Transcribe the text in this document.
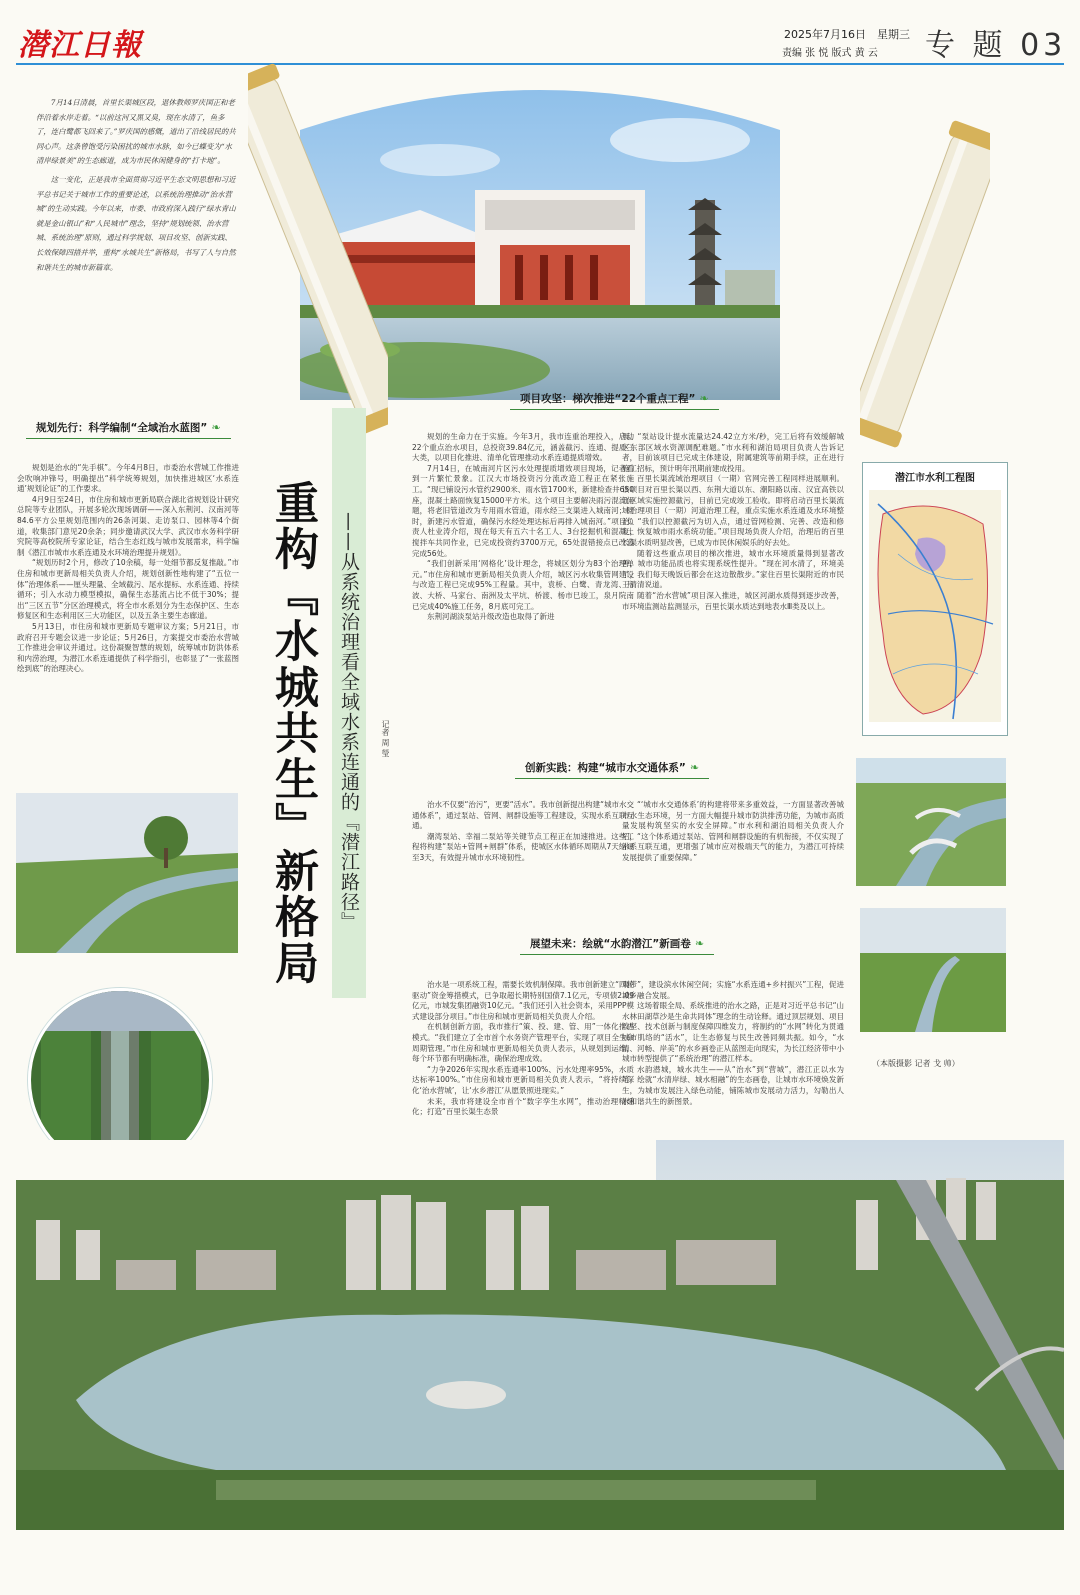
潜江日報	2025年7月16日　星期三
责编 张 悦 版式 黄 云 专 题 03
7月14日清晨，首里长渠城区段，退休教师罗庆国正和老伴沿着水岸走着。“以前这河又黑又臭，现在水清了，鱼多了，连白鹭都飞回来了。”罗庆国的感慨，道出了沿线居民的共同心声。这条曾饱受污染困扰的城市水脉，如今已蝶变为“水清岸绿景美”的生态廊道，成为市民休闲健身的“打卡地”。
这一变化，正是我市全面贯彻习近平生态文明思想和习近平总书记关于城市工作的重要论述，以系统治理推动“治水营城”的生动实践。今年以来，市委、市政府深入践行“绿水青山就是金山银山”和“人民城市”理念，坚持“规划统领、治水营城、系统治理”原则，通过科学规划、项目攻坚、创新实践、长效保障四措并举，重构“水城共生”新格局，书写了人与自然和谐共生的城市新篇章。
规划先行：科学编制“全域治水蓝图” ❧

规划是治水的“先手棋”。今年4月8日，市委治水营城工作推进会吹响冲锋号，明确提出“科学统筹规划，加快推进城区‘水系连通’规划论证”的工作要求。

4月9日至24日，市住房和城市更新局联合湖北省规划设计研究总院等专业团队，开展多轮次现场调研——深入东荆河、汉南河等84.6平方公里规划范围内的26条河渠、走访泵口、园林等4个街道，收集部门意见20余条；同步邀请武汉大学、武汉市水务科学研究院等高校院所专家论证，结合生态红线与城市发展需求，科学编制《潜江市城市水系连通及水环境治理提升规划》。

“规划历时2个月，修改了10余稿，每一处细节都反复推敲。”市住房和城市更新局相关负责人介绍，规划创新性地构建了“五位一体”治理体系——厘头理量、全域截污、尾水提标、水系连通、持续循环；引入水动力模型模拟，确保生态基流占比不低于30%；提出“三区五节”分区治理模式，将全市水系划分为生态保护区、生态修复区和生态利用区三大功能区，以及五条主要生态廊道。

5月13日，市住房和城市更新局专题审议方案；5月21日，市政府召开专题会议进一步论证；5月26日，方案提交市委治水营城工作推进会审议并通过。这份凝聚智慧的规划，统筹城市防洪体系和内涝治理，为潜江水系连通提供了科学指引，也彰显了“一张蓝图绘到底”的治理决心。	重构『水城共生』新格局 ——从系统治理看全域水系连通的『潜江路径』	记者 周 瑩
项目攻坚：梯次推进“22个重点工程” ❧

规划的生命力在于实施。今年3月，我市连重治理投入，启动22个重点治水项目，总投资39.84亿元，涵盖截污、连通、提质三大类，以项目化推进、清单化管理推动水系连通提质增效。

7月14日，在城南河片区污水处理提质增效项目现场，记者看到一片繁忙景象。江汉大市场投资污分流改造工程正在紧张施工。“现已铺设污水管约2900米、雨水管1700米，新建检查井650座，混凝土路面恢复15000平方米。这个项目主要解决雨污混流问题，将老旧管道改为专用雨水管道，雨水经三支渠进入城南河；同时，新建污水管道，确保污水经处理达标后再排入城南河。”项目负责人杜业涛介绍，现在每天有五六十名工人、3台挖掘机和混凝土搅拌车共同作业，已完成投资约3700万元，65处混错接点已改造完成56处。

“我们创新采用‘网格化’设计理念，将城区划分为83个治理单元。”市住房和城市更新局相关负责人介绍，城区污水收集管网建设与改造工程已完成95%工程量。其中，袁桥、白鹭、青龙湾、月波、大桥、马家台、南洲及太平坑、桥渡、杨市巳竣工，泉月院南已完成40%施工任务，8月底可完工。

东荆河湖淡泵站升级改造也取得了新进

展。“泵站设计提水流量达24.42立方米/秒，完工后将有效缓解城区东部区域水资源调配难题。”市水利和湖泊局项目负责人告诉记者，目前该项目已完成主体建设，附属建筑等前期手续，正在进行施工招标，预计明年汛期前建成投用。

百里长渠流域治理项目（一期）官网完善工程同样进展顺利。该项目对百里长渠以西、东荆大道以东、潮阳路以南、汉宜高铁以北区域实施控源截污，目前已完成竣工验收。即将启动百里长渠流域治理项目（一期）河道治理工程，重点实施水系连通及水环境整治。“我们以控源截污为切入点，通过管网检测、完善、改造和修复，恢复城市雨水系统功能。”项目现场负责人介绍，治理后的百里长渠水质明显改善，已成为市民休闲娱乐的好去处。

随着这些重点项目的梯次推进，城市水环境质量得到显著改善，城市功能品质也将实现系统性提升。“现在河水清了，环境美了，我们每天晚饭后都会在这边散散步。”家住百里长渠附近的市民王清清说道。

随着“治水营城”项目深入推进，城区河湖水质得到逐步改善，市环境监测站监测显示，百里长渠水质达到地表水Ⅲ类及以上。

潜江市水利工程图
创新实践：构建“城市水交通体系” ❧

治水不仅要“治污”，更要“活水”。我市创新提出构建“城市水交通体系”，通过泵站、管网、闸群设施等工程建设，实现水系互联互通。

潮湾泵站、幸福二泵站等关键节点工程正在加速推进。这些工程将构建“泵站+管网+闸群”体系，使城区水体循环周期从7天缩短至3天，有效提升城市水环境韧性。

“‘城市水交通体系’的构建将带来多重效益，一方面显著改善城市水生态环境，另一方面大幅提升城市防洪排涝功能，为城市高质量发展构筑坚实的水安全屏障。”市水利和湖泊局相关负责人介绍，“这个体系通过泵站、管网和闸群设施的有机衔接，不仅实现了水系互联互通，更增强了城市应对极端天气的能力，为潜江可持续发展提供了重要保障。”

（本版摄影 记者 戈 帅）
展望未来：绘就“水韵潜江”新画卷 ❧

治水是一项系统工程，需要长效机制保障。我市创新建立“四轮驱动”资金筹措模式，已争取超长期特别国债7.1亿元，专项债2.09亿元，市城发集团融资10亿元。“我们还引入社会资本，采用PPP模式建设部分项目。”市住房和城市更新局相关负责人介绍。

在机制创新方面，我市推行“策、投、建、管、用”一体化推进模式。“我们建立了全市首个水务资产管理平台，实现了项目全生命周期管理。”市住房和城市更新局相关负责人表示，从规划到运维，每个环节都有明确标准，确保治理成效。

“力争2026年实现水系连通率100%、污水处理率95%，水质达标率100%。”市住房和城市更新局相关负责人表示，“将持续深化‘治水营城’，让‘水乡潜江’从愿景照进现实。”

未来，我市将建设全市首个“数字孪生水网”，推动治理精细化；打造“百里长渠生态景

观带”，建设滨水休闲空间；实施“水系连通+乡村振兴”工程，促进城乡融合发展。

这场着眼全局、系统推进的治水之路，正是对习近平总书记“山水林田湖草沙是生命共同体”理念的生动诠释。通过顶层规划、项目攻坚、技术创新与制度保障四维发力，将制约的“水网”转化为贯通城市肌络的“活水”，让生态修复与民生改善同频共振。如今，“水清、河畅、岸美”的水乡画卷正从蓝图走向现实，为长江经济带中小城市转型提供了“系统治理”的潜江样本。

水韵潜城，城水共生——从“治水”到“营城”，潜江正以水为笔，绘就“水清岸绿、城水相融”的生态画卷，让城市水环境焕发新生，为城市发展注入绿色动能，铺陈城市发展动力活力，勾勒出人水和谐共生的新图景。
